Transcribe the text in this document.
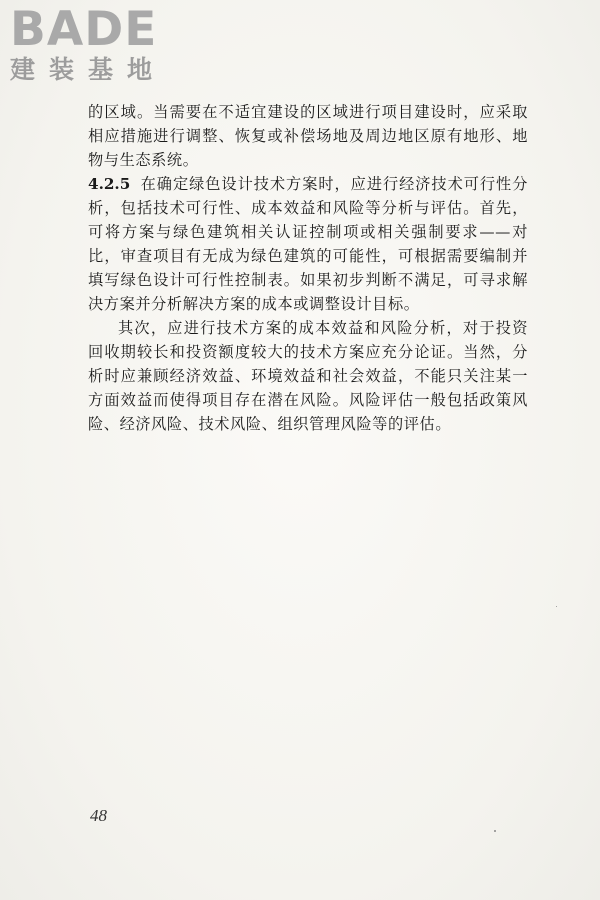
BADE
建装基地

的区域。当需要在不适宜建设的区域进行项目建设时，应采取相应措施进行调整、恢复或补偿场地及周边地区原有地形、地物与生态系统。

4.2.5 在确定绿色设计技术方案时，应进行经济技术可行性分析，包括技术可行性、成本效益和风险等分析与评估。首先，可将方案与绿色建筑相关认证控制项或相关强制要求——对比，审查项目有无成为绿色建筑的可能性，可根据需要编制并填写绿色设计可行性控制表。如果初步判断不满足，可寻求解决方案并分析解决方案的成本或调整设计目标。

其次，应进行技术方案的成本效益和风险分析，对于投资回收期较长和投资额度较大的技术方案应充分论证。当然，分析时应兼顾经济效益、环境效益和社会效益，不能只关注某一方面效益而使得项目存在潜在风险。风险评估一般包括政策风险、经济风险、技术风险、组织管理风险等的评估。

48
